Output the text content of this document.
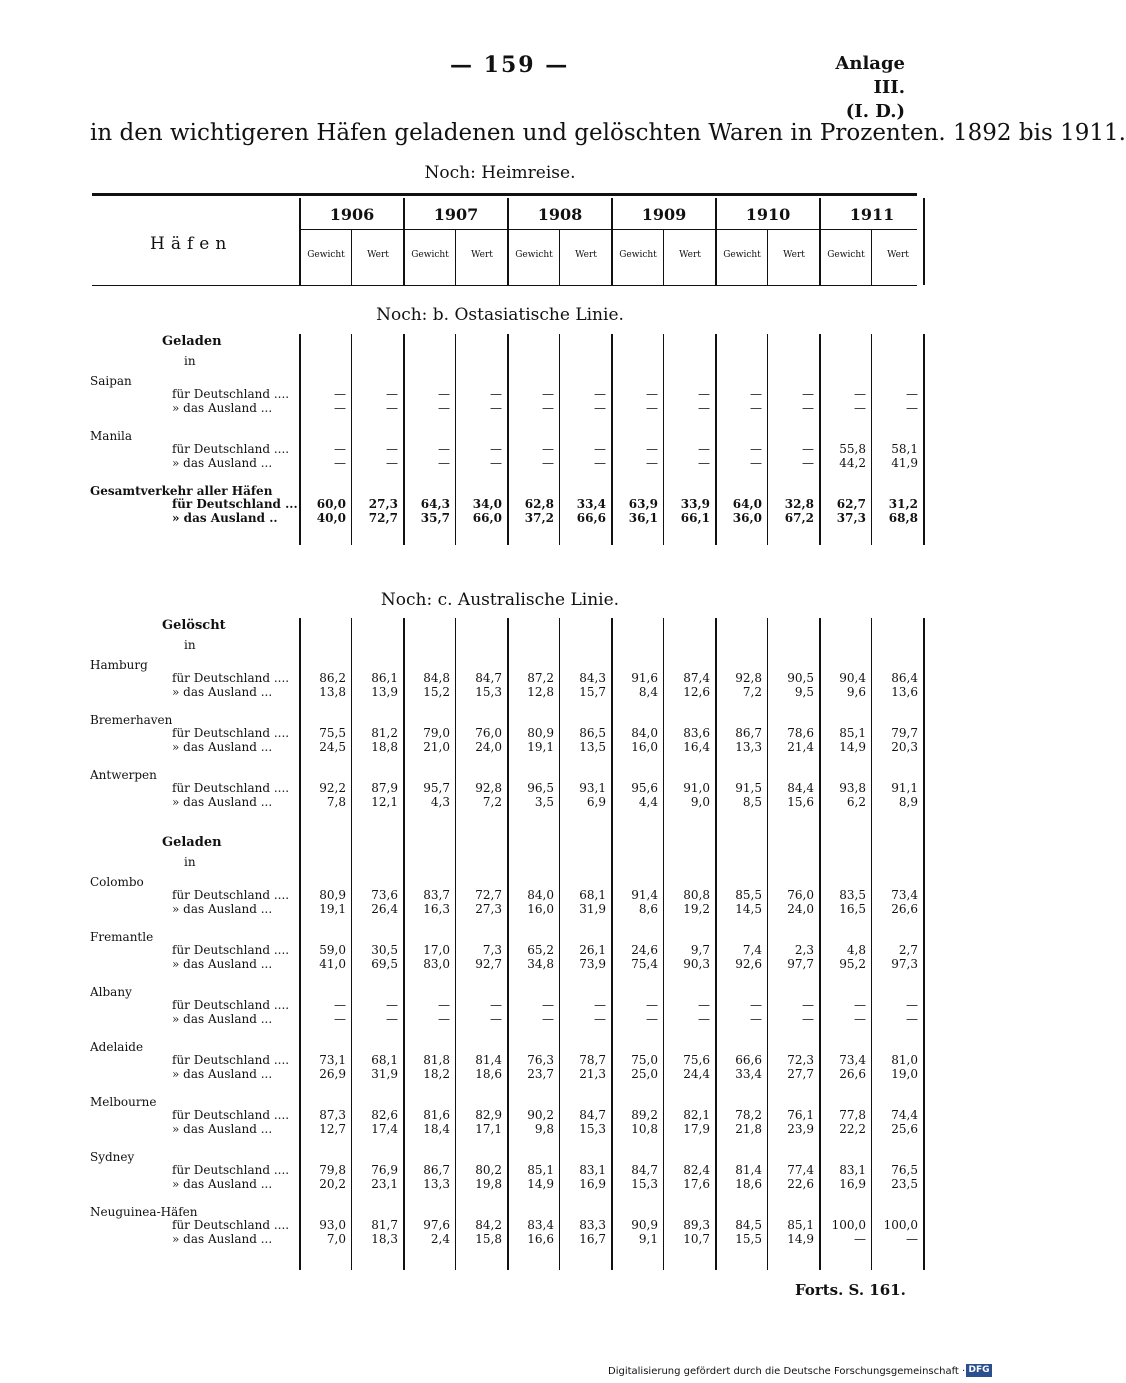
— 159 —	Anlage III.
(I. D.)
in den wichtigeren Häfen geladenen und gelöschten Waren in Prozenten. 1892 bis 1911.
Noch: Heimreise.
Häfen
1906
Gewicht	Wert
1907
Gewicht	Wert
1908
Gewicht	Wert
1909
Gewicht	Wert
1910
Gewicht	Wert
1911
Gewicht	Wert
Noch: b. Ostasiatische Linie.
Geladen
in
Saipan
für Deutschland ....	—	—	—	—	—	—	—	—	—	—	—	—
» das Ausland ...	—	—	—	—	—	—	—	—	—	—	—	—
Manila
für Deutschland ....	—	—	—	—	—	—	—	—	—	—	55,8	58,1
» das Ausland ...	—	—	—	—	—	—	—	—	—	—	44,2	41,9
Gesamtverkehr aller Häfen
für Deutschland ...	60,0	27,3	64,3	34,0	62,8	33,4	63,9	33,9	64,0	32,8	62,7	31,2
» das Ausland ..	40,0	72,7	35,7	66,0	37,2	66,6	36,1	66,1	36,0	67,2	37,3	68,8
Noch: c. Australische Linie.
Gelöscht
in
Hamburg
für Deutschland ....	86,2	86,1	84,8	84,7	87,2	84,3	91,6	87,4	92,8	90,5	90,4	86,4
» das Ausland ...	13,8	13,9	15,2	15,3	12,8	15,7	8,4	12,6	7,2	9,5	9,6	13,6
Bremerhaven
für Deutschland ....	75,5	81,2	79,0	76,0	80,9	86,5	84,0	83,6	86,7	78,6	85,1	79,7
» das Ausland ...	24,5	18,8	21,0	24,0	19,1	13,5	16,0	16,4	13,3	21,4	14,9	20,3
Antwerpen
für Deutschland ....	92,2	87,9	95,7	92,8	96,5	93,1	95,6	91,0	91,5	84,4	93,8	91,1
» das Ausland ...	7,8	12,1	4,3	7,2	3,5	6,9	4,4	9,0	8,5	15,6	6,2	8,9
Geladen
in
Colombo
für Deutschland ....	80,9	73,6	83,7	72,7	84,0	68,1	91,4	80,8	85,5	76,0	83,5	73,4
» das Ausland ...	19,1	26,4	16,3	27,3	16,0	31,9	8,6	19,2	14,5	24,0	16,5	26,6
Fremantle
für Deutschland ....	59,0	30,5	17,0	7,3	65,2	26,1	24,6	9,7	7,4	2,3	4,8	2,7
» das Ausland ...	41,0	69,5	83,0	92,7	34,8	73,9	75,4	90,3	92,6	97,7	95,2	97,3
Albany
für Deutschland ....	—	—	—	—	—	—	—	—	—	—	—	—
» das Ausland ...	—	—	—	—	—	—	—	—	—	—	—	—
Adelaide
für Deutschland ....	73,1	68,1	81,8	81,4	76,3	78,7	75,0	75,6	66,6	72,3	73,4	81,0
» das Ausland ...	26,9	31,9	18,2	18,6	23,7	21,3	25,0	24,4	33,4	27,7	26,6	19,0
Melbourne
für Deutschland ....	87,3	82,6	81,6	82,9	90,2	84,7	89,2	82,1	78,2	76,1	77,8	74,4
» das Ausland ...	12,7	17,4	18,4	17,1	9,8	15,3	10,8	17,9	21,8	23,9	22,2	25,6
Sydney
für Deutschland ....	79,8	76,9	86,7	80,2	85,1	83,1	84,7	82,4	81,4	77,4	83,1	76,5
» das Ausland ...	20,2	23,1	13,3	19,8	14,9	16,9	15,3	17,6	18,6	22,6	16,9	23,5
Neuguinea-Häfen
für Deutschland ....	93,0	81,7	97,6	84,2	83,4	83,3	90,9	89,3	84,5	85,1	100,0	100,0
» das Ausland ...	7,0	18,3	2,4	15,8	16,6	16,7	9,1	10,7	15,5	14,9	—	—
Forts. S. 161.
Digitalisierung gefördert durch die Deutsche Forschungsgemeinschaft · DFG
